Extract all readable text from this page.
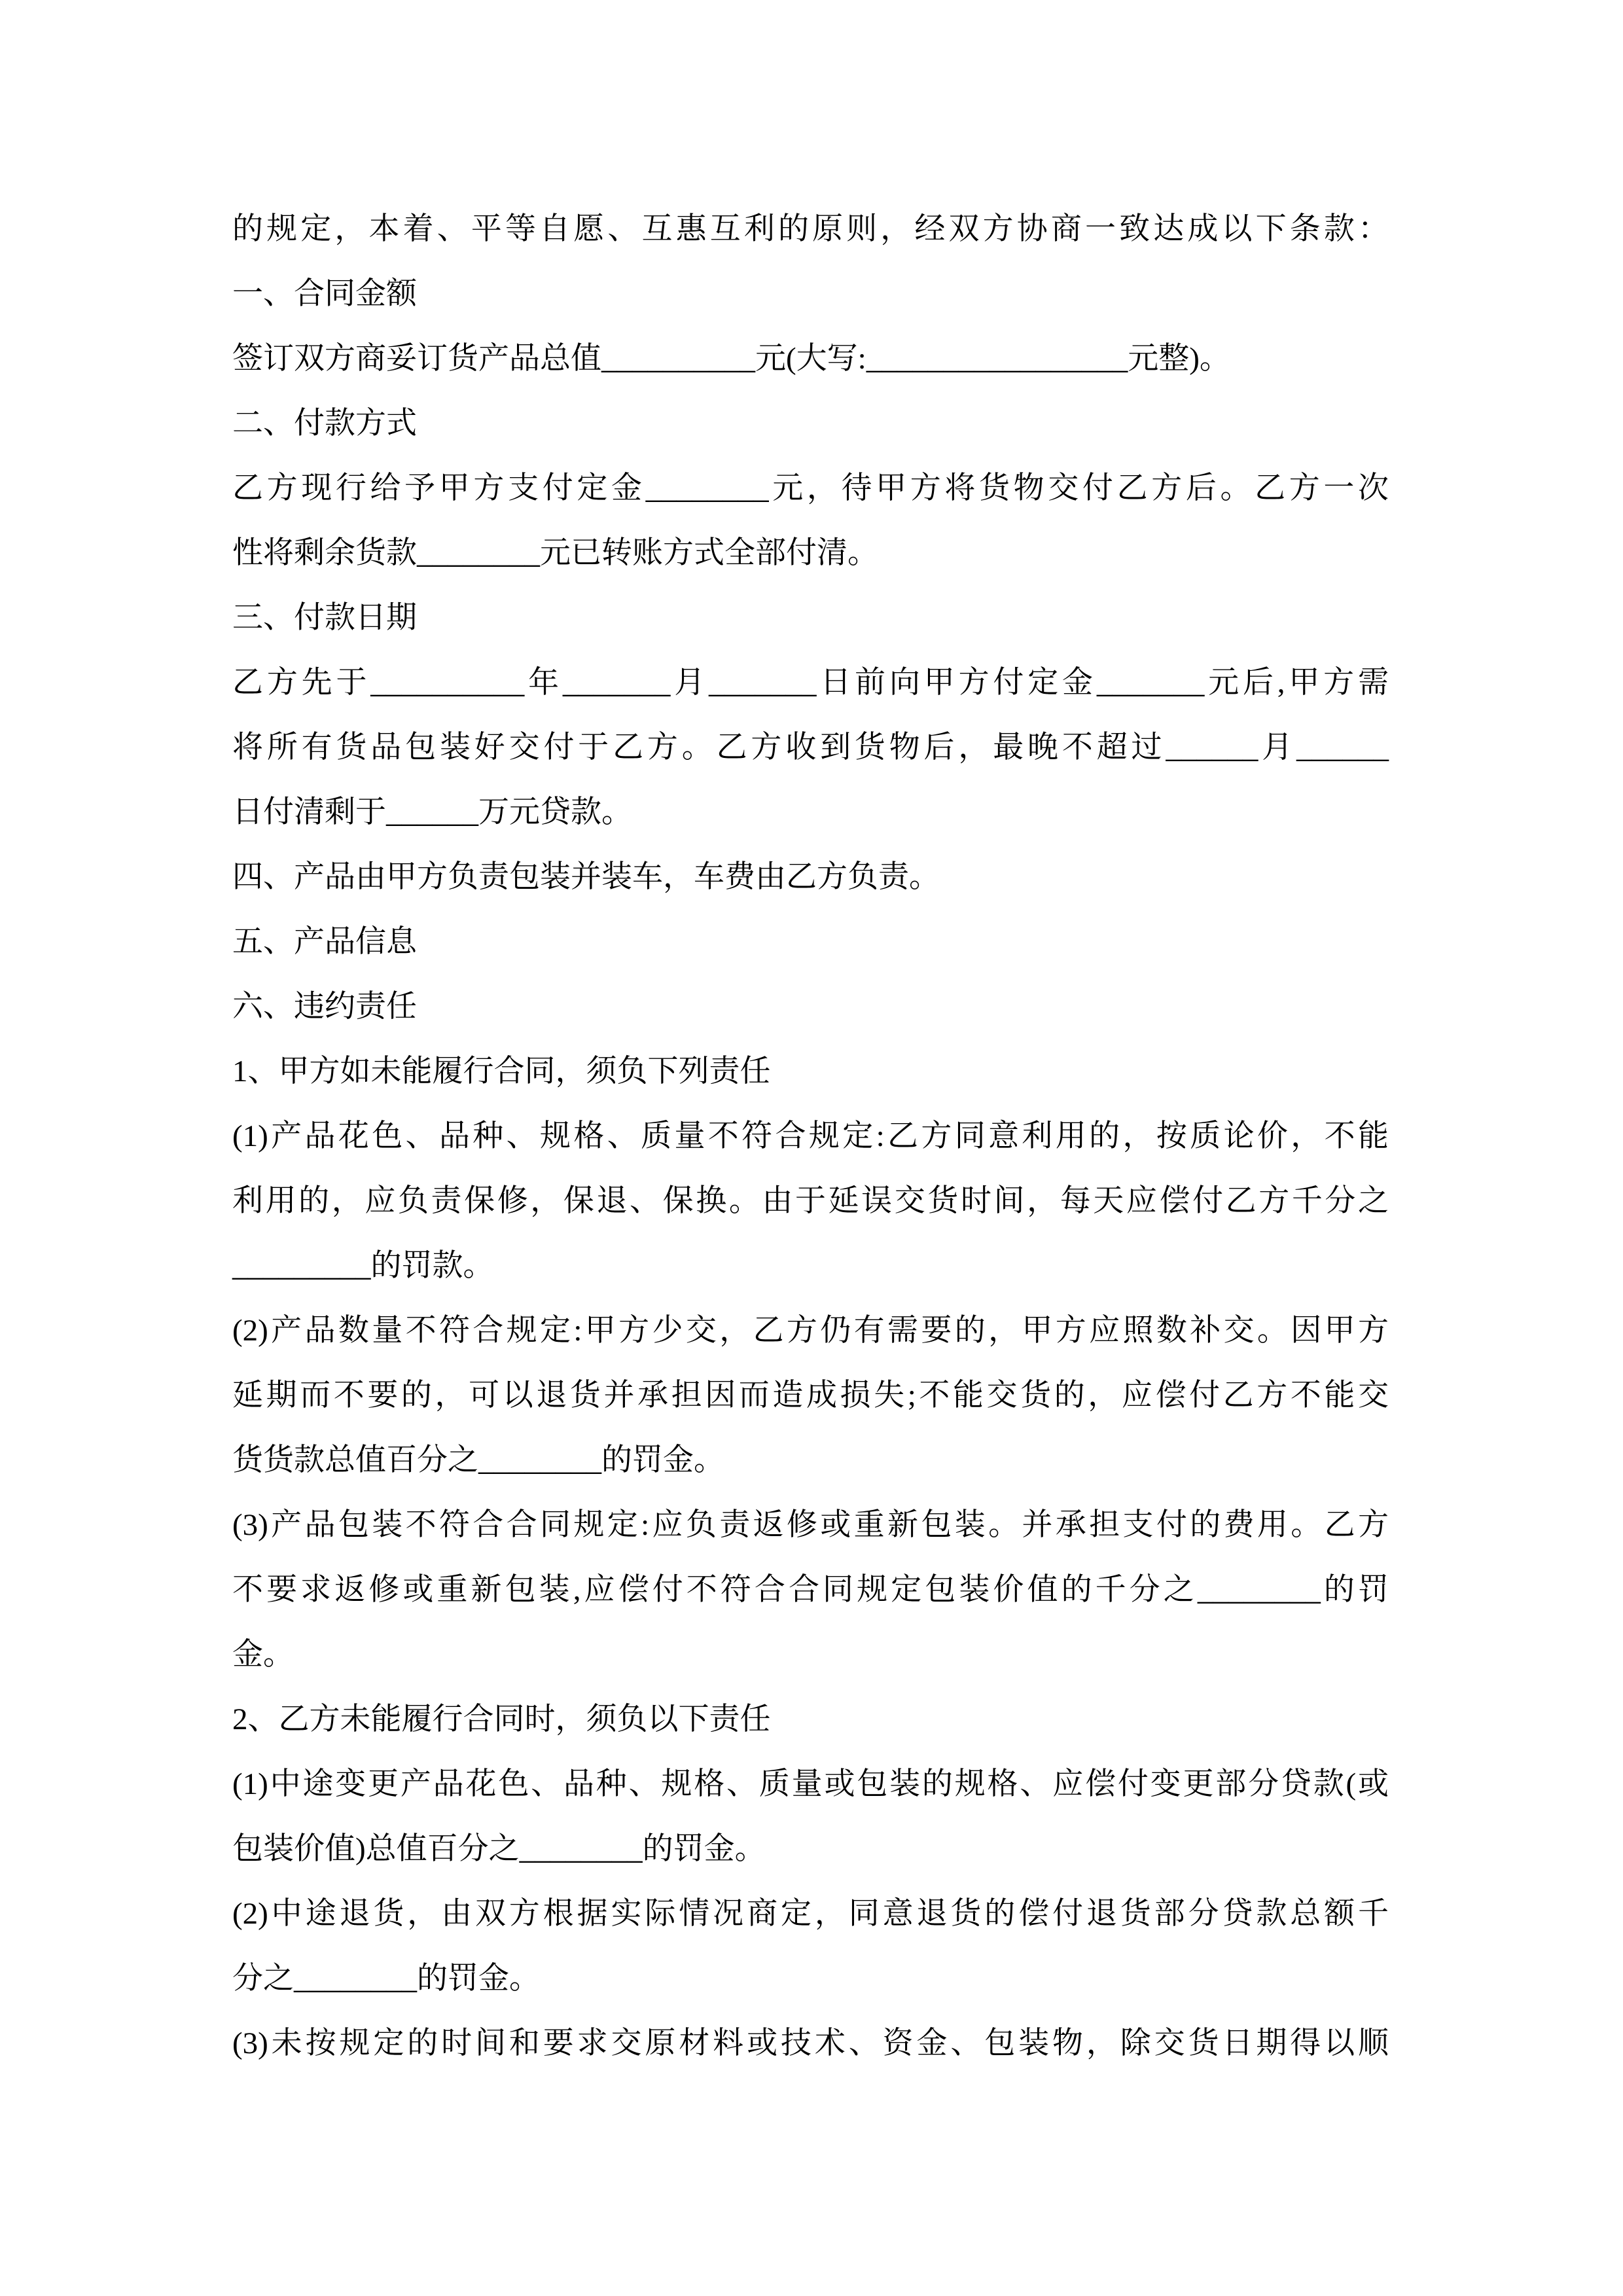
的规定，本着、平等自愿、互惠互利的原则，经双方协商一致达成以下条款：
一、合同金额
签订双方商妥订货产品总值__________元(大写:_________________元整)。
二、付款方式
乙方现行给予甲方支付定金________元，待甲方将货物交付乙方后。乙方一次
性将剩余货款________元已转账方式全部付清。
三、付款日期
乙方先于__________年_______月_______日前向甲方付定金_______元后,甲方需
将所有货品包装好交付于乙方。乙方收到货物后，最晚不超过______月______
日付清剩于______万元贷款。
四、产品由甲方负责包装并装车，车费由乙方负责。
五、产品信息
六、违约责任
1、甲方如未能履行合同，须负下列责任
(1)产品花色、品种、规格、质量不符合规定:乙方同意利用的，按质论价，不能
利用的，应负责保修，保退、保换。由于延误交货时间，每天应偿付乙方千分之
_________的罚款。
(2)产品数量不符合规定:甲方少交，乙方仍有需要的，甲方应照数补交。因甲方
延期而不要的，可以退货并承担因而造成损失;不能交货的，应偿付乙方不能交
货货款总值百分之________的罚金。
(3)产品包装不符合合同规定:应负责返修或重新包装。并承担支付的费用。乙方
不要求返修或重新包装,应偿付不符合合同规定包装价值的千分之________的罚
金。
2、乙方未能履行合同时，须负以下责任
(1)中途变更产品花色、品种、规格、质量或包装的规格、应偿付变更部分贷款(或
包装价值)总值百分之________的罚金。
(2)中途退货，由双方根据实际情况商定，同意退货的偿付退货部分贷款总额千
分之________的罚金。
(3)未按规定的时间和要求交原材料或技术、资金、包装物，除交货日期得以顺
